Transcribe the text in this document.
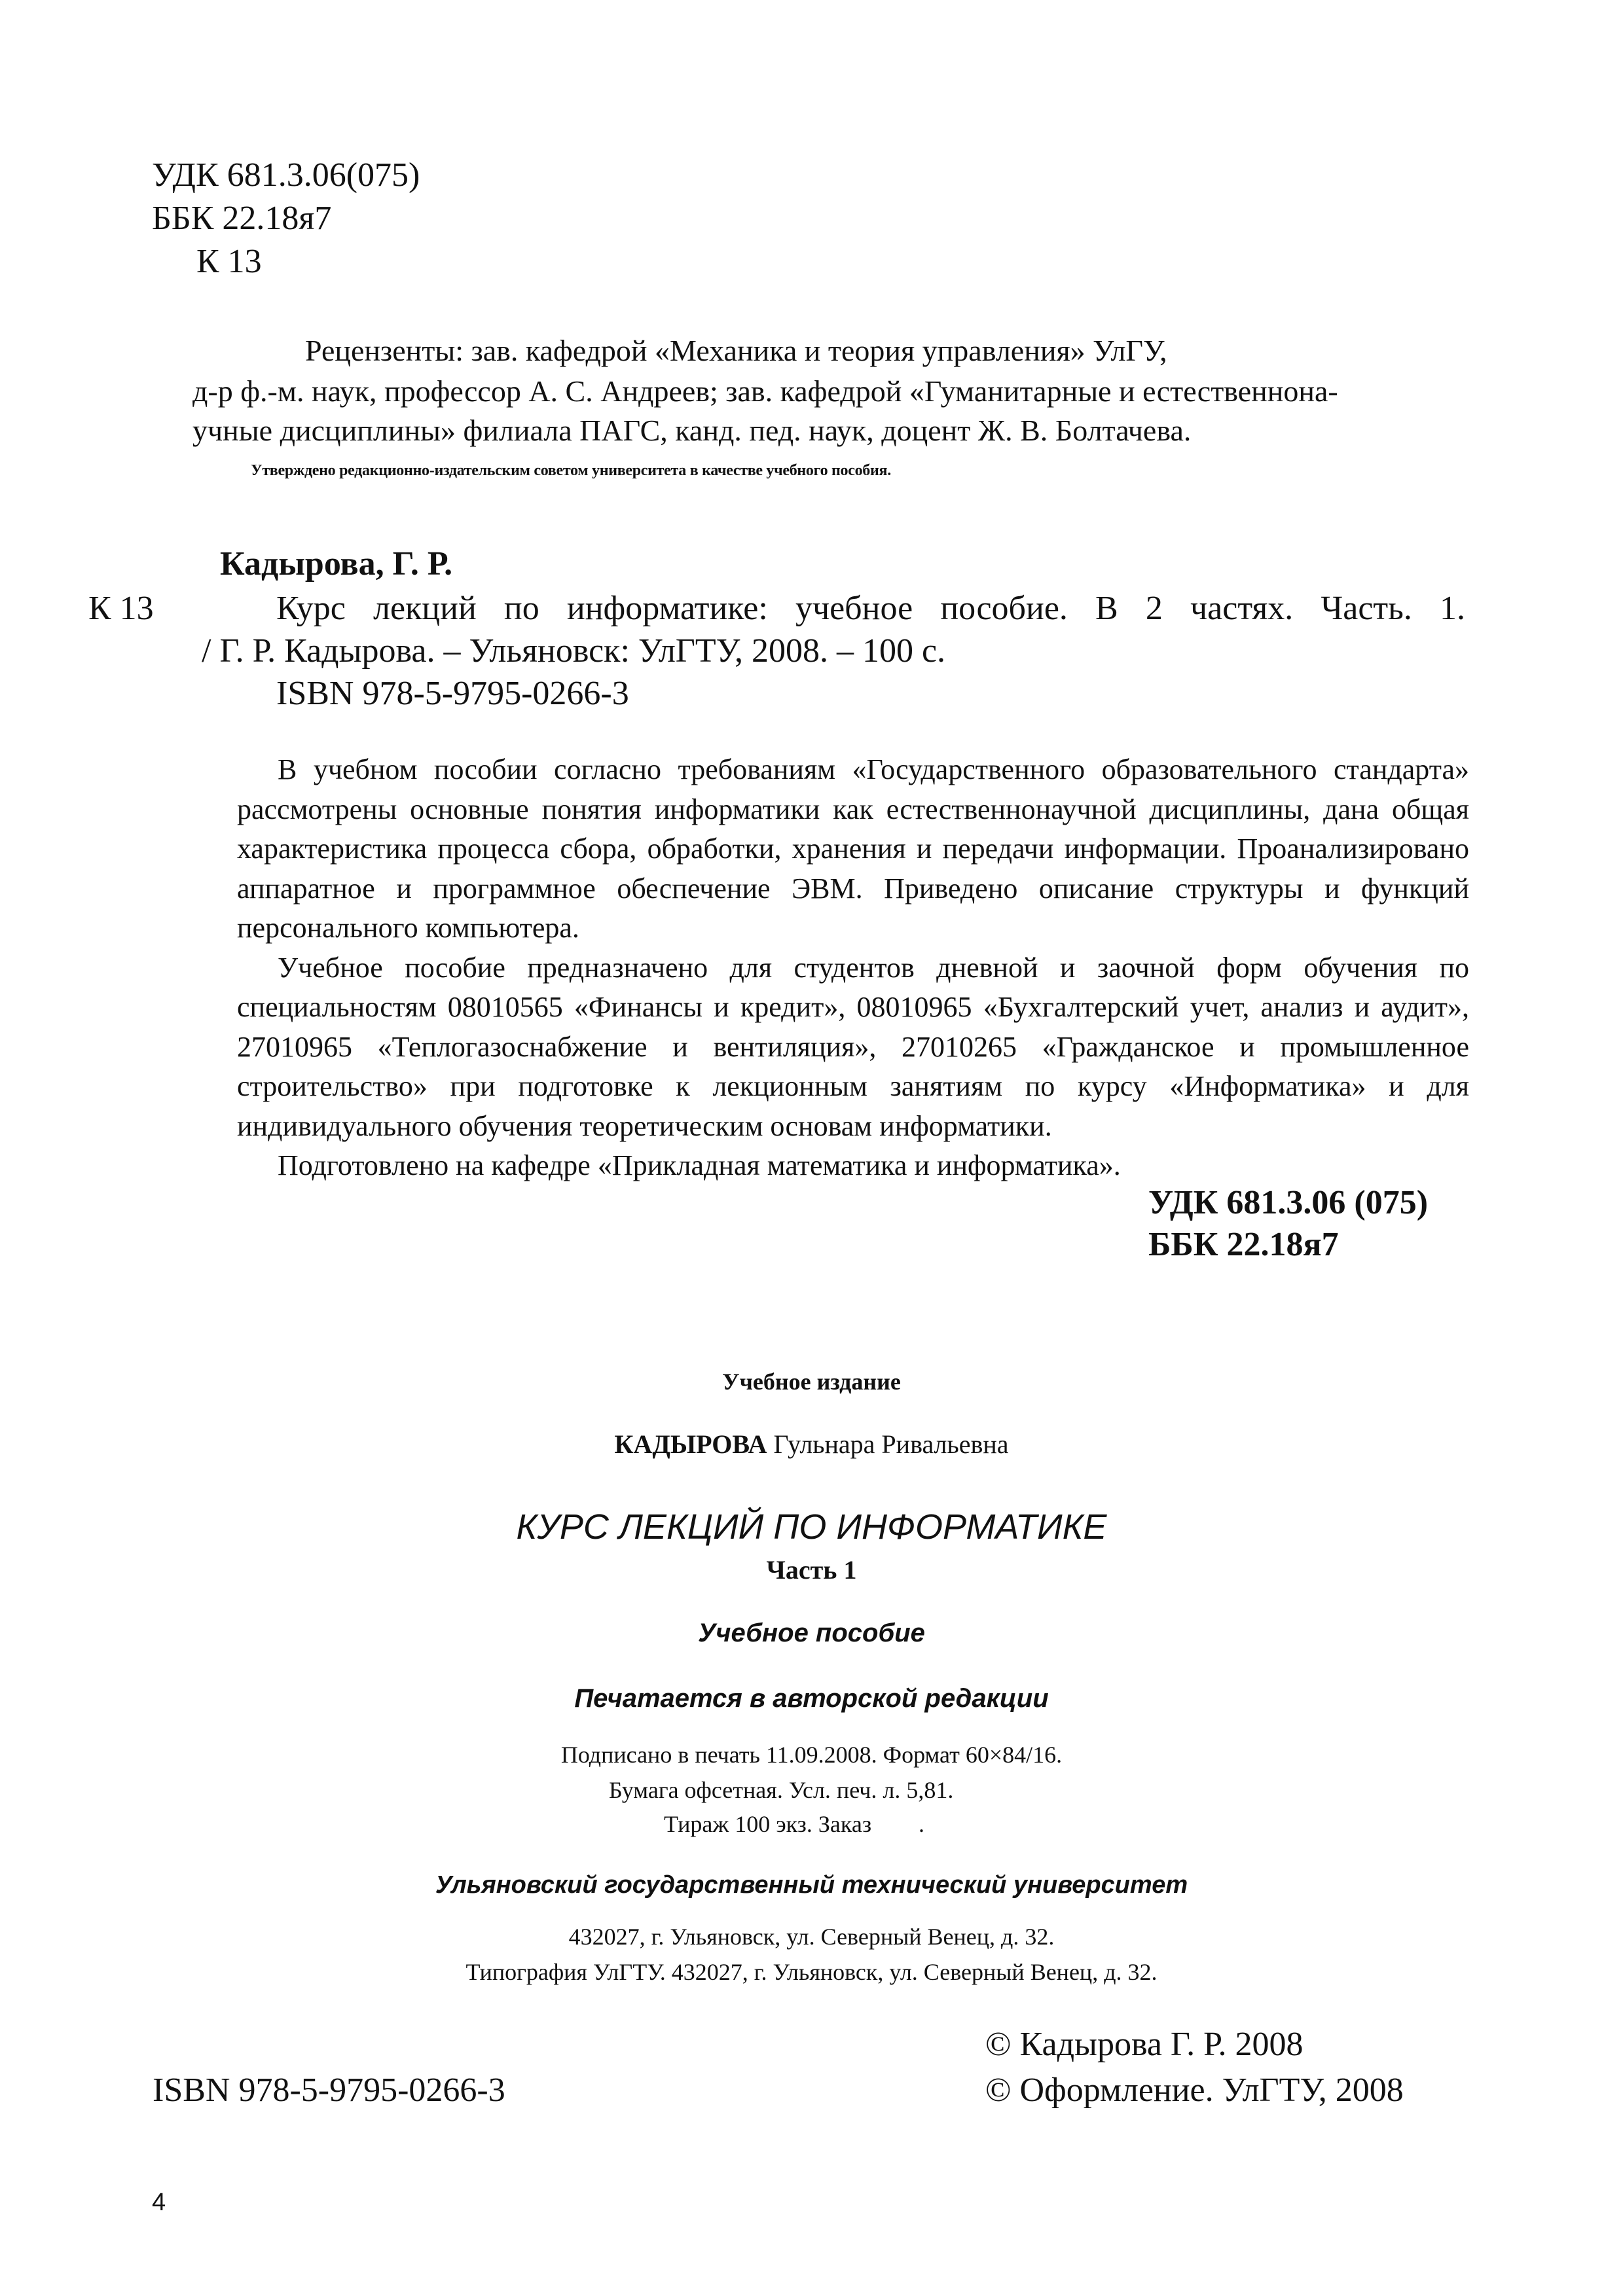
УДК 681.3.06(075)
ББК 22.18я7
К 13
Рецензенты: зав. кафедрой «Механика и теория управления» УлГУ,
д-р ф.-м. наук, профессор А. С. Андреев; зав. кафедрой «Гуманитарные и естественнона-
учные дисциплины» филиала ПАГС, канд. пед. наук, доцент Ж. В. Болтачева.
Утверждено редакционно-издательским советом университета в качестве учебного пособия.
Кадырова, Г. Р.
К 13	Курс лекций по информатике: учебное пособие. В 2 частях. Часть. 1.
/ Г. Р. Кадырова. – Ульяновск: УлГТУ, 2008. – 100 с.
ISBN 978-5-9795-0266-3

В учебном пособии согласно требованиям «Государственного образовательного стандарта» рассмотрены основные понятия информатики как естественнонаучной дисциплины, дана общая характеристика процесса сбора, обработки, хранения и передачи информации. Проанализировано аппаратное и программное обеспечение ЭВМ. Приведено описание структуры и функций персонального компьютера.

Учебное пособие предназначено для студентов дневной и заочной форм обучения по специальностям 08010565 «Финансы и кредит», 08010965 «Бухгалтерский учет, анализ и аудит», 27010965 «Теплогазоснабжение и вентиляция», 27010265 «Гражданское и промышленное строительство» при подготовке к лекционным занятиям по курсу «Информатика» и для индивидуального обучения теоретическим основам информатики.

Подготовлено на кафедре «Прикладная математика и информатика».

УДК 681.3.06 (075)
ББК 22.18я7
Учебное издание
КАДЫРОВА Гульнара Ривальевна
КУРС ЛЕКЦИЙ ПО ИНФОРМАТИКЕ
Часть 1
Учебное пособие
Печатается в авторской редакции
Подписано в печать 11.09.2008. Формат 60×84/16.
Бумага офсетная. Усл. печ. л. 5,81.
Тираж 100 экз. Заказ        .
Ульяновский государственный технический университет
432027, г. Ульяновск, ул. Северный Венец, д. 32.
Типография УлГТУ. 432027, г. Ульяновск, ул. Северный Венец, д. 32.
© Кадырова Г. Р. 2008
ISBN 978-5-9795-0266-3	© Оформление. УлГТУ, 2008
4
